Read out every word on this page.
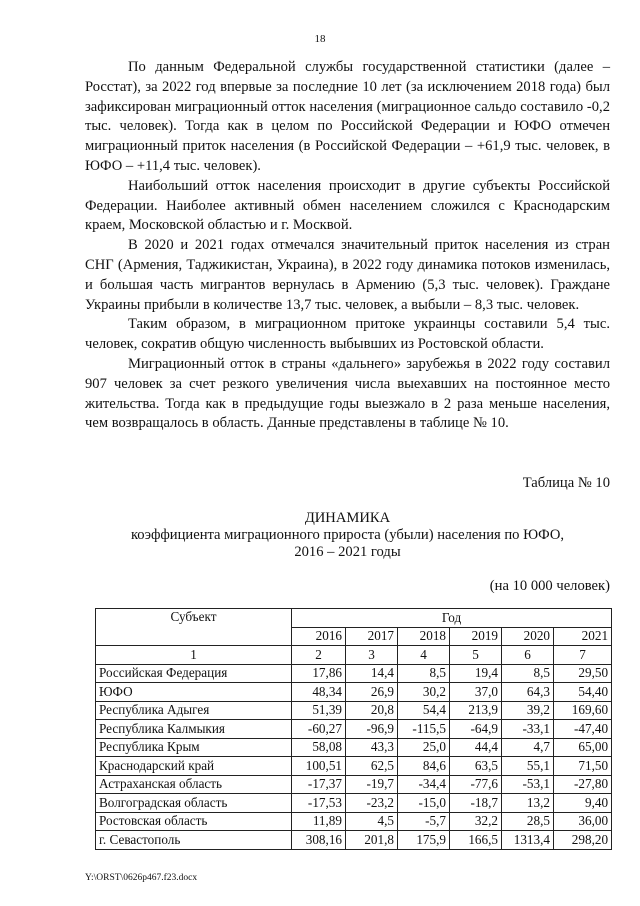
18

По данным Федеральной службы государственной статистики (далее – Росстат), за 2022 год впервые за последние 10 лет (за исключением 2018 года) был зафиксирован миграционный отток населения (миграционное сальдо составило -0,2 тыс. человек). Тогда как в целом по Российской Федерации и ЮФО отмечен миграционный приток населения (в Российской Федерации – +61,9 тыс. человек, в ЮФО – +11,4 тыс. человек).

Наибольший отток населения происходит в другие субъекты Российской Федерации. Наиболее активный обмен населением сложился с Краснодарским краем, Московской областью и г. Москвой.

В 2020 и 2021 годах отмечался значительный приток населения из стран СНГ (Армения, Таджикистан, Украина), в 2022 году динамика потоков изменилась, и большая часть мигрантов вернулась в Армению (5,3 тыс. человек). Граждане Украины прибыли в количестве 13,7 тыс. человек, а выбыли – 8,3 тыс. человек.

Таким образом, в миграционном притоке украинцы составили 5,4 тыс. человек, сократив общую численность выбывших из Ростовской области.

Миграционный отток в страны «дальнего» зарубежья в 2022 году составил 907 человек за счет резкого увеличения числа выехавших на постоянное место жительства. Тогда как в предыдущие годы выезжало в 2 раза меньше населения, чем возвращалось в область. Данные представлены в таблице № 10.

Таблица № 10
ДИНАМИКА
коэффициента миграционного прироста (убыли) населения по ЮФО,
2016 – 2021 годы
(на 10 000 человек)
Субъект	Год					
	2016	2017	2018	2019	2020	2021
1	2	3	4	5	6	7
Российская Федерация	17,86	14,4	8,5	19,4	8,5	29,50
ЮФО	48,34	26,9	30,2	37,0	64,3	54,40
Республика Адыгея	51,39	20,8	54,4	213,9	39,2	169,60
Республика Калмыкия	-60,27	-96,9	-115,5	-64,9	-33,1	-47,40
Республика Крым	58,08	43,3	25,0	44,4	4,7	65,00
Краснодарский край	100,51	62,5	84,6	63,5	55,1	71,50
Астраханская область	-17,37	-19,7	-34,4	-77,6	-53,1	-27,80
Волгоградская область	-17,53	-23,2	-15,0	-18,7	13,2	9,40
Ростовская область	11,89	4,5	-5,7	32,2	28,5	36,00
г. Севастополь	308,16	201,8	175,9	166,5	1313,4	298,20
Y:\ORST\0626p467.f23.docx
